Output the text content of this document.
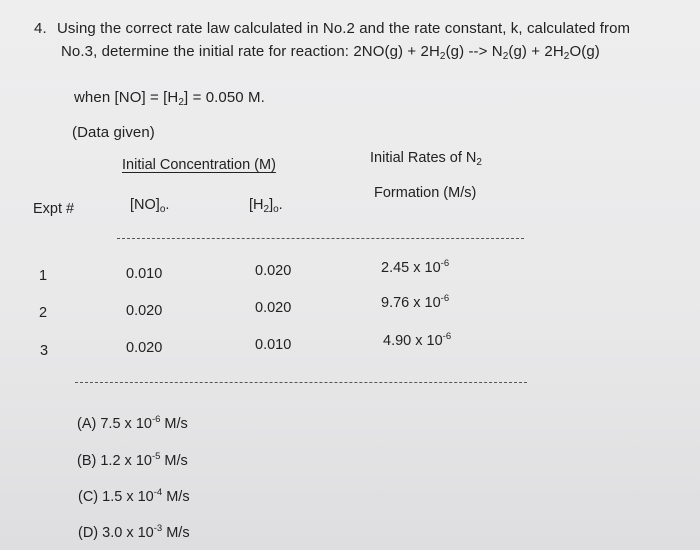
4. Using the correct rate law calculated in No.2 and the rate constant, k, calculated from
No.3, determine the initial rate for reaction: $2NO(g) + 2H_2(g)$ --> $N_2(g) + 2H_2O(g)$
when $[NO] = [H_2] = 0.050$ M.
(Data given)
Initial Concentration (M)	Initial Rates of $N_2$
Formation (M/s)
Expt #	$[NO]_o$.	$[H_2]_o$.
1	0.010	0.020	2.45 x $10^{-6}$
2	0.020	0.020	9.76 x $10^{-6}$
3	0.020	0.010	4.90 x $10^{-6}$
(A) 7.5 x $10^{-6}$ M/s
(B) 1.2 x $10^{-5}$ M/s
(C) 1.5 x $10^{-4}$ M/s
(D) 3.0 x $10^{-3}$ M/s
